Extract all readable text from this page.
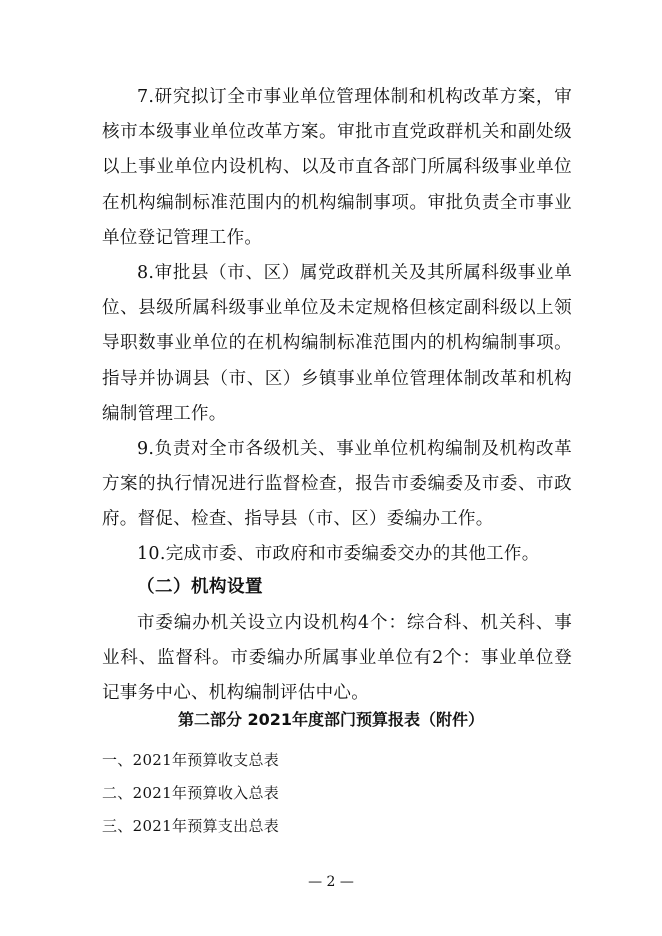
7.研究拟订全市事业单位管理体制和机构改革方案，审核市本级事业单位改革方案。审批市直党政群机关和副处级以上事业单位内设机构、以及市直各部门所属科级事业单位在机构编制标准范围内的机构编制事项。审批负责全市事业单位登记管理工作。

8.审批县（市、区）属党政群机关及其所属科级事业单位、县级所属科级事业单位及未定规格但核定副科级以上领导职数事业单位的在机构编制标准范围内的机构编制事项。指导并协调县（市、区）乡镇事业单位管理体制改革和机构编制管理工作。

9.负责对全市各级机关、事业单位机构编制及机构改革方案的执行情况进行监督检查，报告市委编委及市委、市政府。督促、检查、指导县（市、区）委编办工作。

10.完成市委、市政府和市委编委交办的其他工作。

（二）机构设置

市委编办机关设立内设机构4个：综合科、机关科、事业科、监督科。市委编办所属事业单位有2个：事业单位登记事务中心、机构编制评估中心。

第二部分 2021年度部门预算报表（附件）

一、2021年预算收支总表

二、2021年预算收入总表

三、2021年预算支出总表

— 2 —
